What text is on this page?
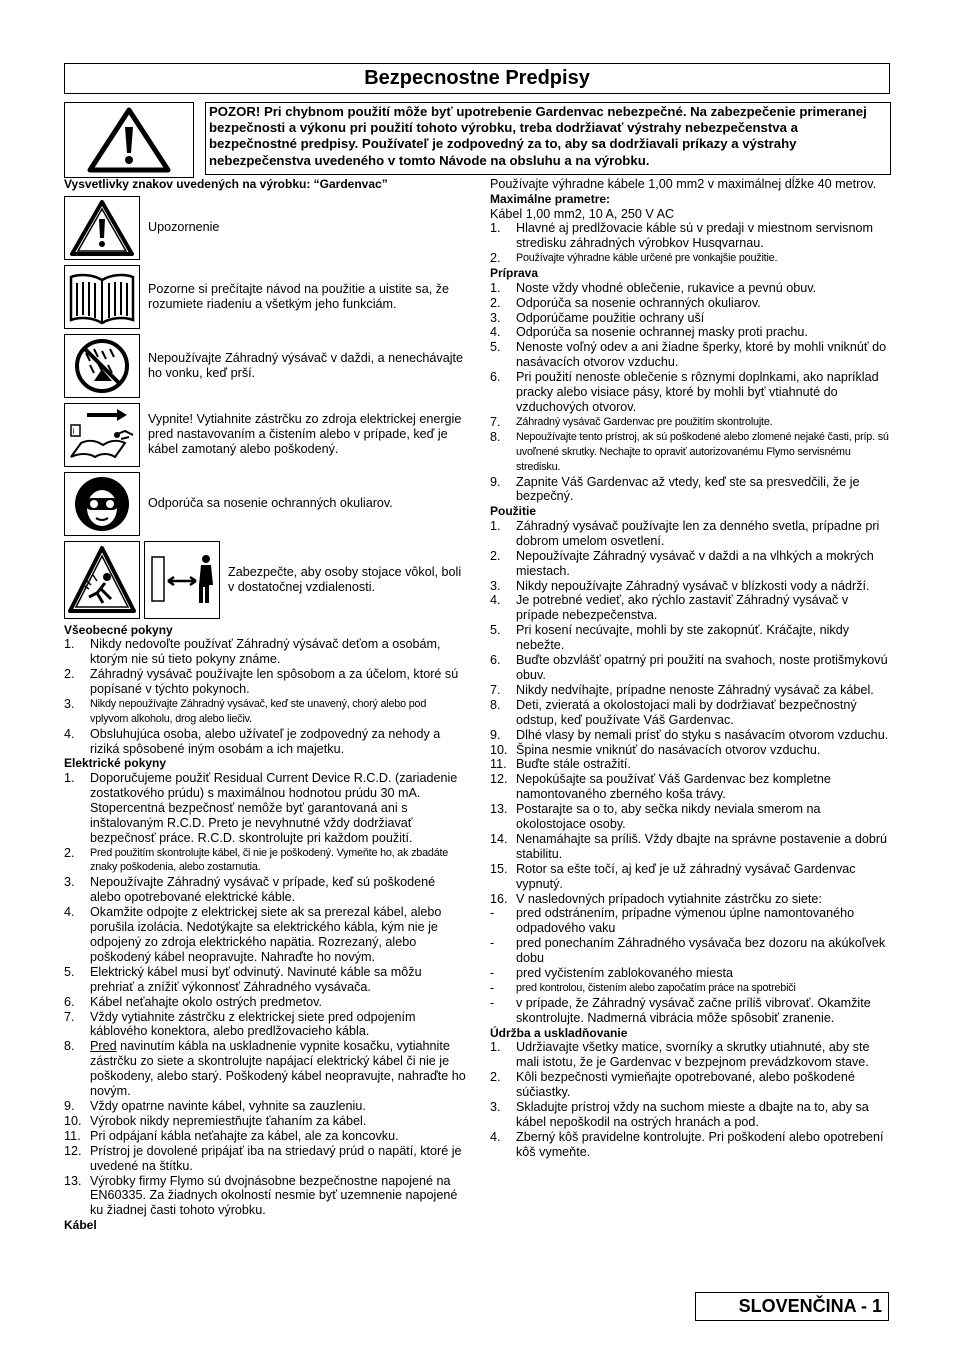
Bezpecnostne Predpisy
POZOR! Pri chybnom použití môže byť upotrebenie Gardenvac nebezpečné. Na zabezpečenie primeranej bezpečnosti a výkonu pri použití tohoto výrobku, treba dodržiavať výstrahy nebezpečenstva a bezpečnostné predpisy. Používateľ je zodpovedný za to, aby sa dodržiavali príkazy a výstrahy nebezpečenstva uvedeného v tomto Návode na obsluhu a na výrobku.
Vysvetlivky znakov uvedených na výrobku: “Gardenvac”
Upozornenie
Pozorne si prečítajte návod na použitie a uistite sa, že rozumiete riadeniu a všetkým jeho funkciám.
Nepoužívajte Záhradný výsávač v daždi, a nenechávajte ho vonku, keď prší.
i
Vypnite! Vytiahnite zástrčku zo zdroja elektrickej energie pred nastavovaním a čistením alebo v prípade, keď je kábel zamotaný alebo poškodený.
Odporúča sa nosenie ochranných okuliarov.
Zabezpečte, aby osoby stojace vôkol, boli v dostatočnej vzdialenosti.
Všeobecné pokyny
1.	Nikdy nedovoľte používať Záhradný výsávač deťom a osobám, ktorým nie sú tieto pokyny známe.
2.	Záhradný vysávač používajte len spôsobom a za účelom, ktoré sú popísané v týchto pokynoch.
3.	Nikdy nepoužívajte Záhradný vysávač, keď ste unavený, chorý alebo pod vplyvom alkoholu, drog alebo liečiv.
4.	Obsluhujúca osoba, alebo užívateľ je zodpovedný za nehody a riziká spôsobené iným osobám a ich majetku.
Elektrické pokyny
1.	Doporučujeme použiť Residual Current Device R.C.D. (zariadenie zostatkového prúdu) s maximálnou hodnotou prúdu 30 mA. Stopercentná bezpečnosť nemôže byť garantovaná ani s inštalovaným R.C.D. Preto je nevyhnutné vždy dodržiavať bezpečnosť práce. R.C.D. skontrolujte pri každom použití.
2.	Pred použitím skontrolujte kábel, či nie je poškodený. Vymeňte ho, ak zbadáte znaky poškodenia, alebo zostarnutia.
3.	Nepoužívajte Záhradný vysávač v prípade, keď sú poškodené alebo opotrebované elektrické káble.
4.	Okamžite odpojte z elektrickej siete ak sa prerezal kábel, alebo porušila izolácia. Nedotýkajte sa elektrického kábla, kým nie je odpojený zo zdroja elektrického napätia. Rozrezaný, alebo poškodený kábel neopravujte. Nahraďte ho novým.
5.	Elektrický kábel musí byť odvinutý. Navinuté káble sa môžu prehriať a znížiť výkonnosť Záhradného vysávača.
6.	Kábel neťahajte okolo ostrých predmetov.
7.	Vždy vytiahnite zástrčku z elektrickej siete pred odpojením káblového konektora, alebo predlžovacieho kábla.
8.	Pred navinutím kábla na uskladnenie vypnite kosačku, vytiahnite zástrčku zo siete a skontrolujte napájací elektrický kábel či nie je poškodeny, alebo starý. Poškodený kábel neopravujte, nahraďte ho novým.
9.	Vždy opatrne navinte kábel, vyhnite sa zauzleniu.
10. Výrobok nikdy nepremiestňujte ťahaním za kábel.
11. Pri odpájaní kábla neťahajte za kábel, ale za koncovku.
12. Prístroj je dovolené pripájať iba na striedavý prúd o napätí, ktoré je uvedené na štítku.
13. Výrobky firmy Flymo sú dvojnásobne bezpečnostne napojené na EN60335. Za žiadnych okolností nesmie byť uzemnenie napojené ku žiadnej časti tohoto výrobku.
Kábel

Používajte výhradne kábele 1,00 mm2 v maximálnej dĺžke 40 metrov.

Maximálne prametre:

Kábel 1,00 mm2, 10 A, 250 V AC

1.	Hlavné aj predlžovacie káble sú v predaji v miestnom servisnom stredisku záhradných výrobkov Husqvarnau.
2.	Používajte výhradne káble určené pre vonkajšie použitie.
Príprava
1.	Noste vždy vhodné oblečenie, rukavice a pevnú obuv.
2.	Odporúča sa nosenie ochranných okuliarov.
3.	Odporúčame použitie ochrany uší
4.	Odporúča sa nosenie ochrannej masky proti prachu.
5.	Nenoste voľný odev a ani žiadne šperky, ktoré by mohli vniknúť do nasávacích otvorov vzduchu.
6.	Pri použití nenoste oblečenie s rôznymi doplnkami, ako napríklad pracky alebo visiace pásy, ktoré by mohli byť vtiahnuté do vzduchových otvorov.
7.	Záhradný vysávač Gardenvac pre použitím skontrolujte.
8.	Nepoužívajte tento prístroj, ak sú poškodené alebo zlomené nejaké časti, príp. sú uvoľnené skrutky. Nechajte to opraviť autorizovanému Flymo servisnému stredisku.
9.	Zapnite Váš Gardenvac až vtedy, keď ste sa presvedčili, že je bezpečný.
Použitie
1.	Záhradný vysávač používajte len za denného svetla, prípadne pri dobrom umelom osvetlení.
2.	Nepoužívajte Záhradný vysávač v daždi a na vlhkých a mokrých miestach.
3.	Nikdy nepoužívajte Záhradný vysávač v blízkosti vody a nádrží.
4.	Je potrebné vedieť, ako rýchlo zastaviť Záhradný vysávač v prípade nebezpečenstva.
5.	Pri kosení necúvajte, mohli by ste zakopnúť. Kráčajte, nikdy nebežte.
6.	Buďte obzvlášť opatrný pri použití na svahoch, noste protišmykovú obuv.
7.	Nikdy nedvíhajte, prípadne nenoste Záhradný vysávač za kábel.
8.	Deti, zvieratá a okolostojaci mali by dodržiavať bezpečnostný odstup, keď používate Váš Gardenvac.
9.	Dlhé vlasy by nemali prísť do styku s nasávacím otvorom vzduchu.
10. Špina nesmie vniknúť do nasávacích otvorov vzduchu.
11. Buďte stále ostražití.
12. Nepokúšajte sa používať Váš Gardenvac bez kompletne namontovaného zberného koša trávy.
13. Postarajte sa o to, aby sečka nikdy neviala smerom na okolostojace osoby.
14. Nenamáhajte sa príliš. Vždy dbajte na správne postavenie a dobrú stabilitu.
15. Rotor sa ešte točí, aj keď je už záhradný vysávač Gardenvac vypnutý.
16. V nasledovných prípadoch vytiahnite zástrčku zo siete:
-	pred odstránením, prípadne výmenou úplne namontovaného odpadového vaku
-	pred ponechaním Záhradného vysávača bez dozoru na akúkoľvek dobu
-	pred vyčistením zablokovaného miesta
-	pred kontrolou, čistením alebo započatím práce na spotrebiči
-	v prípade, že Záhradný vysávač začne príliš vibrovať. Okamžite skontrolujte. Nadmerná vibrácia môže spôsobiť zranenie.
Údržba a uskladňovanie
1.	Udržiavajte všetky matice, svorníky a skrutky utiahnuté, aby ste mali istotu, že je Gardenvac v bezpejnom prevádzkovom stave.
2.	Kôli bezpečnosti vymieňajte opotrebované, alebo poškodené súčiastky.
3.	Skladujte prístroj vždy na suchom mieste a dbajte na to, aby sa kábel nepoškodil na ostrých hranách a pod.
4.	Zberný kôš pravidelne kontrolujte. Pri poškodení alebo opotrebení kôš vymeňte.
SLOVENČINA - 1
